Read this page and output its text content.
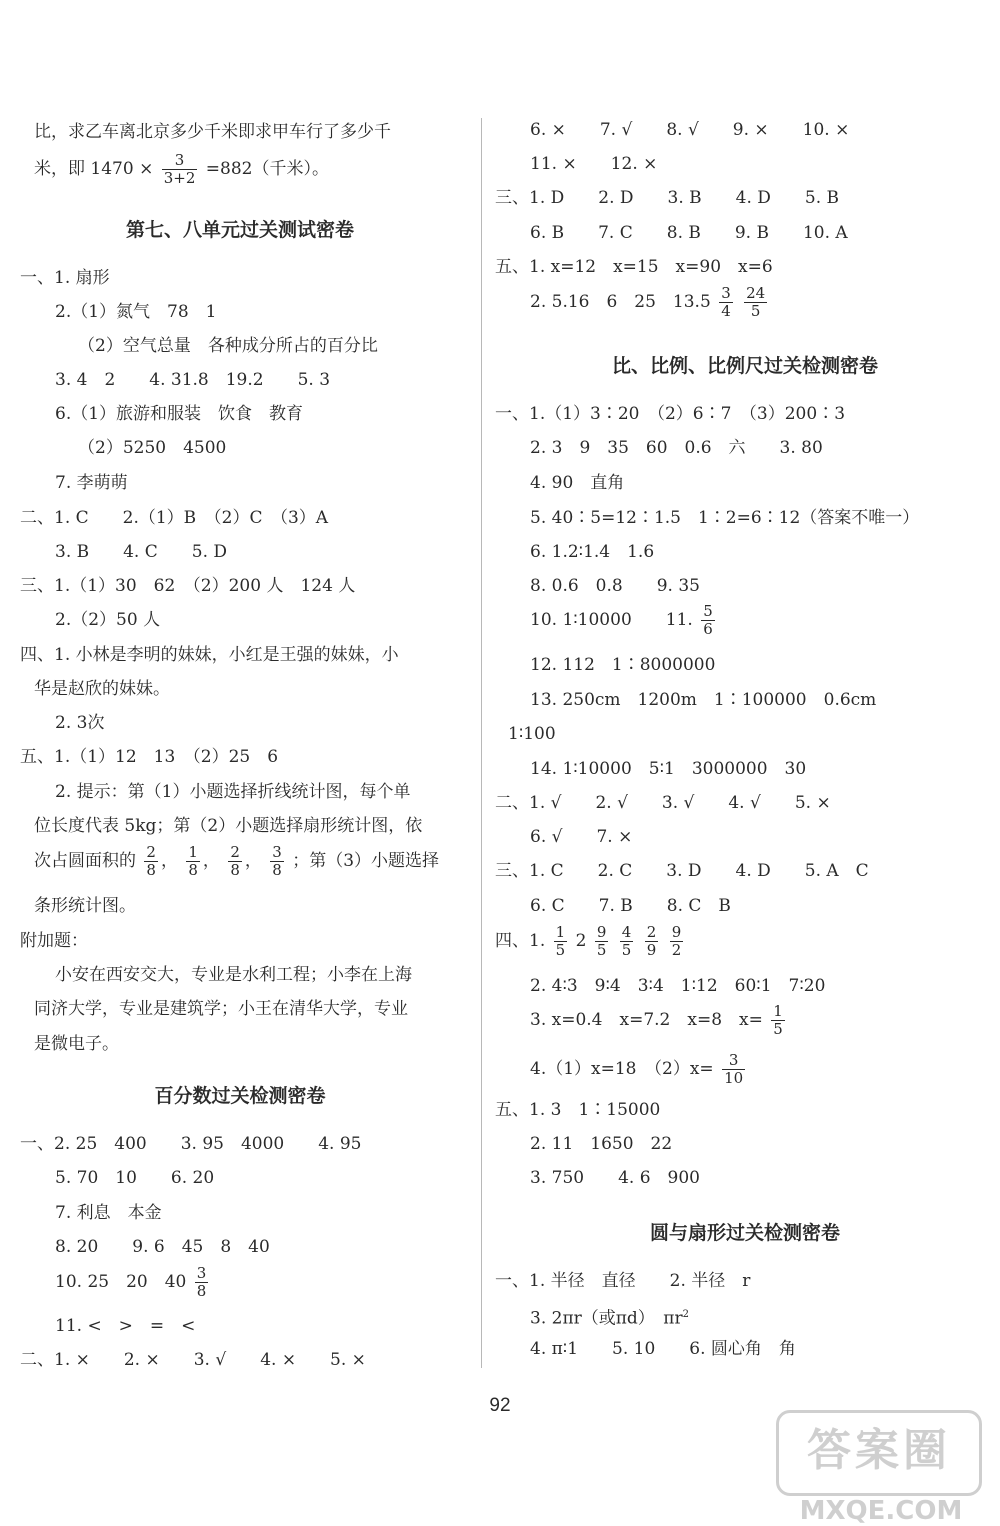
比，求乙车离北京多少千米即求甲车行了多少千
米，即 $1470 \times \frac{3}{3+2} =882$（千米）。
第七、八单元过关测试密卷
一、1. 扇形
2.（1）氮气　78　1
（2）空气总量　各种成分所占的百分比
3. 4　2　　4. 31.8　19.2　　5. 3
6.（1）旅游和服装　饮食　教育
（2）5250　4500
7. 李萌萌
二、1. C　　2.（1）B　（2）C　（3）A
3. B　　4. C　　5. D
三、1.（1）30　62　（2）200 人　124 人
2.（2）50 人
四、1. 小林是李明的妹妹，小红是王强的妹妹，小
华是赵欣的妹妹。
2. 3次
五、1.（1）12　13　（2）25　6
2. 提示：第（1）小题选择折线统计图，每个单
位长度代表 5kg；第（2）小题选择扇形统计图，依
次占圆面积的 $\frac{2}{8}$ ， $\frac{1}{8}$ ， $\frac{2}{8}$ ， $\frac{3}{8}$ ；第（3）小题选择
条形统计图。
附加题：
小安在西安交大，专业是水利工程；小李在上海
同济大学，专业是建筑学；小王在清华大学，专业
是微电子。
百分数过关检测密卷
一、2. 25　400　　3. 95　4000　　4. 95
5. 70　10　　6. 20
7. 利息　本金
8. 20　　9. 6　45　8　40
10. 25　20　$40 \frac{3}{8}$
11. <　>　=　<
二、1. ×　　2. ×　　3. √　　4. ×　　5. ×
6. ×　　7. √　　8. √　　9. ×　　10. ×
11. ×　　12. ×
三、1. D　　2. D　　3. B　　4. D　　5. B
6. B　　7. C　　8. B　　9. B　　10. A
五、1. x=12　x=15　x=90　x=6
2. 5.16　6　25　$13.5 \frac{3}{4}$
$\frac{24}{5}$
比、比例、比例尺过关检测密卷
一、1.（1）3∶20　（2）6∶7　（3）200∶3
2. 3　9　35　60　0.6　六　　3. 80
4. 90　直角
5. 40∶5=12∶1.5　1∶2=6∶12（答案不唯一）
6. 1.2∶1.4　1.6
8. 0.6　0.8　　9. 35
10. 1∶10000　　11. $\frac{5}{6}$
12. 112　1∶8000000
13. 250cm　1200m　1∶100000　0.6cm
1∶100
14. 1∶10000　5∶1　3000000　30
二、1. √　　2. √　　3. √　　4. √　　5. ×
6. √　　7. ×
三、1. C　　2. C　　3. D　　4. D　　5. A　C
6. C　　7. B　　8. C　B
四、1. $\frac{1}{5} 2 \frac{9}{5}$
$\frac{4}{5}$
$\frac{2}{9}$
$\frac{9}{2}$
2. 4∶3　9∶4　3∶4　1∶12　60∶1　7∶20
3. x=0.4　x=7.2　x=8　$x= \frac{1}{5}$
4.（1）x=18　$(2)x= \frac{3}{10}$
五、1. 3　1∶15000
2. 11　1650　22
3. 750　　4. 6　900
圆与扇形过关检测密卷
一、1. 半径　直径　　2. 半径　r
3. 2πr（或πd）　$\pi r^2$
4. π∶1　　5. 10　　6. 圆心角　角
92
答案圈
MXQE.COM
